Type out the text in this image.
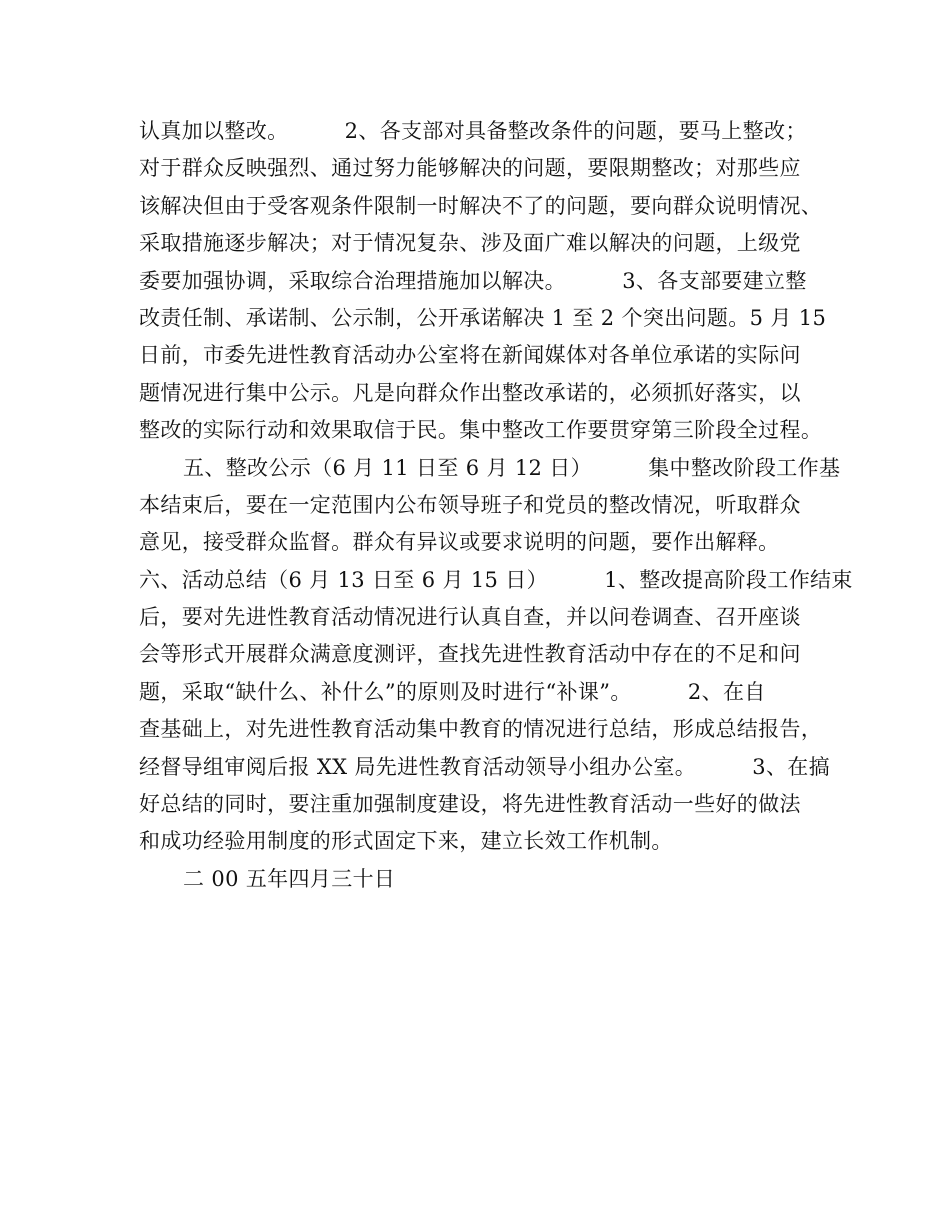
认真加以整改。        2、各支部对具备整改条件的问题，要马上整改；
对于群众反映强烈、通过努力能够解决的问题，要限期整改；对那些应
该解决但由于受客观条件限制一时解决不了的问题，要向群众说明情况、
采取措施逐步解决；对于情况复杂、涉及面广难以解决的问题，上级党
委要加强协调，采取综合治理措施加以解决。        3、各支部要建立整
改责任制、承诺制、公示制，公开承诺解决 1 至 2 个突出问题。5 月 15
日前，市委先进性教育活动办公室将在新闻媒体对各单位承诺的实际问
题情况进行集中公示。凡是向群众作出整改承诺的，必须抓好落实，以
整改的实际行动和效果取信于民。集中整改工作要贯穿第三阶段全过程。
五、整改公示（6 月 11 日至 6 月 12 日）        集中整改阶段工作基
本结束后，要在一定范围内公布领导班子和党员的整改情况，听取群众
意见，接受群众监督。群众有异议或要求说明的问题，要作出解释。
六、活动总结（6 月 13 日至 6 月 15 日）        1、整改提高阶段工作结束
后，要对先进性教育活动情况进行认真自查，并以问卷调查、召开座谈
会等形式开展群众满意度测评，查找先进性教育活动中存在的不足和问
题，采取“缺什么、补什么”的原则及时进行“补课”。        2、在自
查基础上，对先进性教育活动集中教育的情况进行总结，形成总结报告，
经督导组审阅后报 XX 局先进性教育活动领导小组办公室。        3、在搞
好总结的同时，要注重加强制度建设，将先进性教育活动一些好的做法
和成功经验用制度的形式固定下来，建立长效工作机制。
二 00 五年四月三十日
